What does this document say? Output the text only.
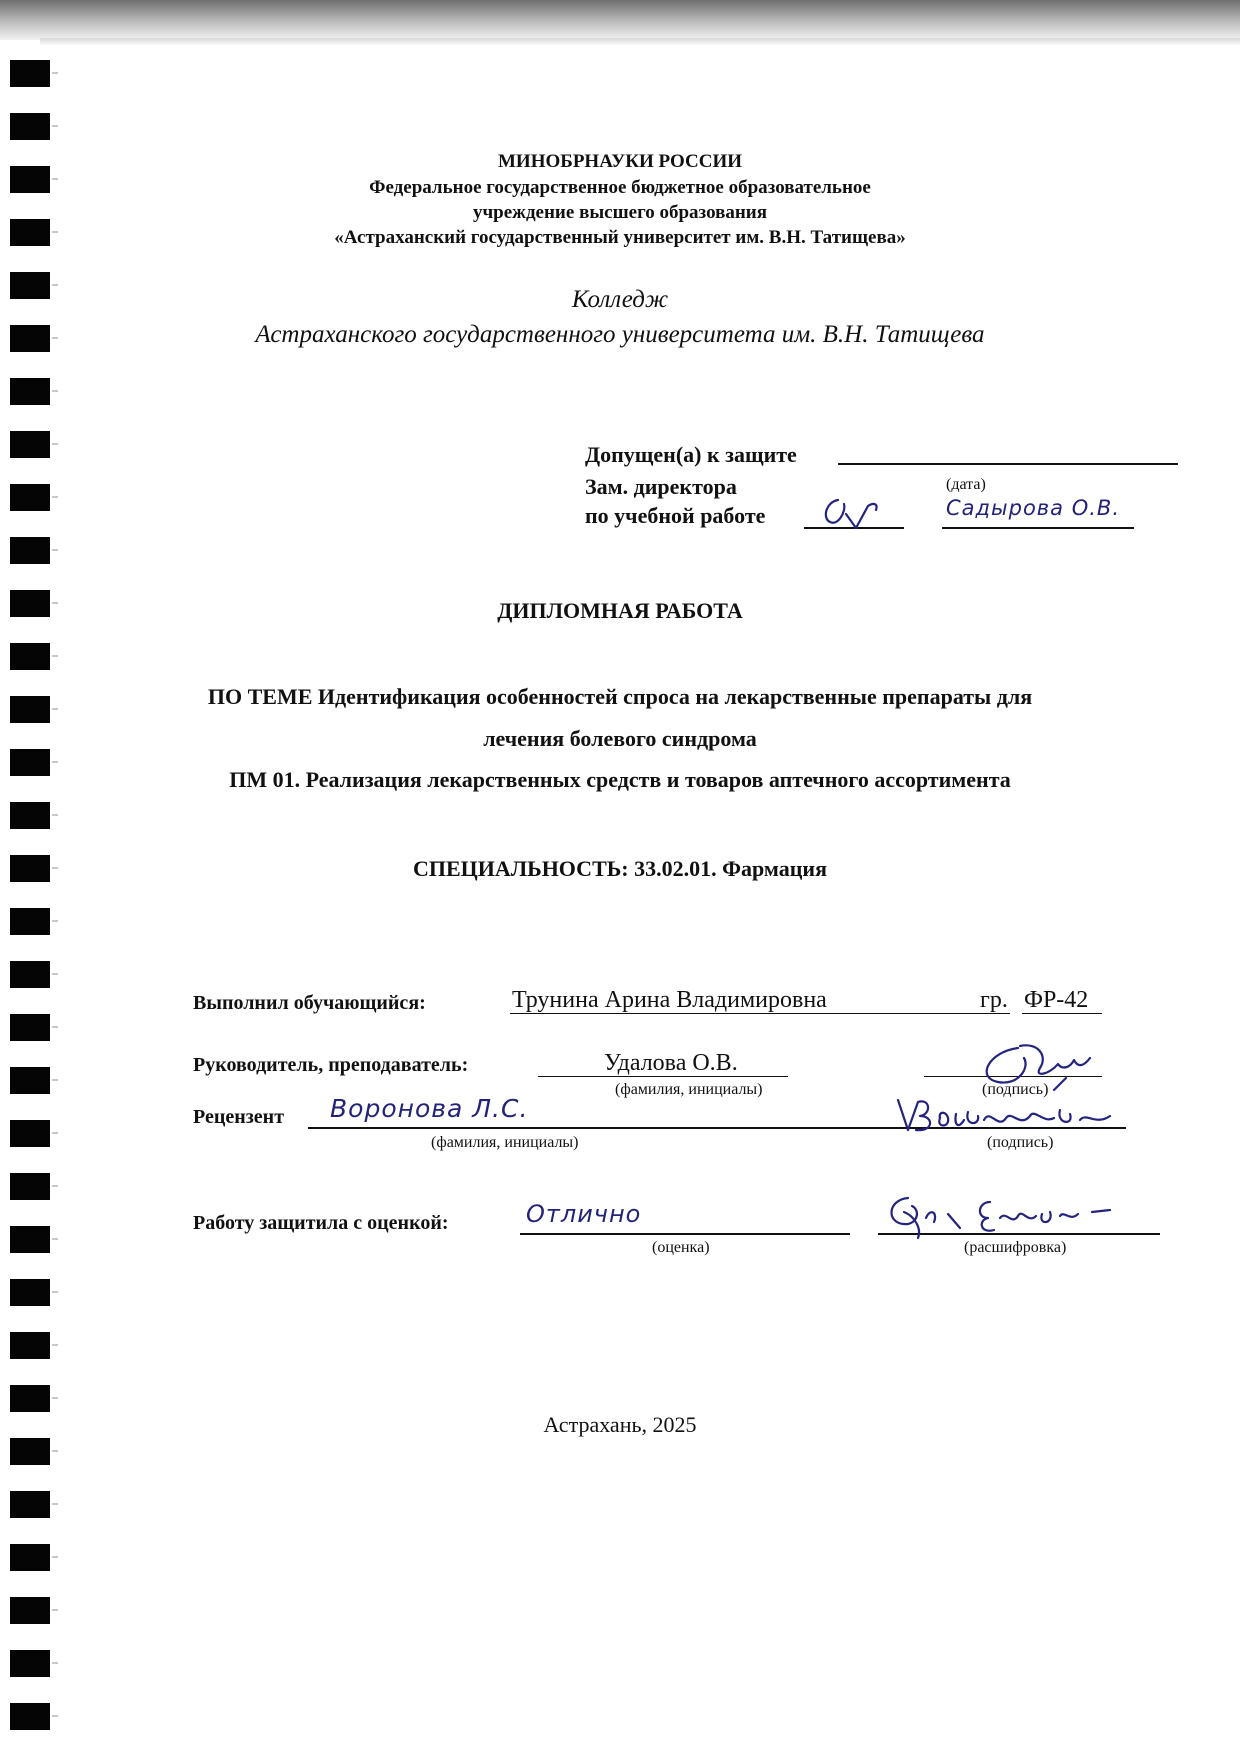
МИНОБРНАУКИ РОССИИ
Федеральное государственное бюджетное образовательное
учреждение высшего образования
«Астраханский государственный университет им. В.Н. Татищева»
Колледж
Астраханского государственного университета им. В.Н. Татищева
Допущен(а) к защите
Зам. директора	(дата)
по учебной работе	Садырова О.В.
ДИПЛОМНАЯ РАБОТА
ПО ТЕМЕ Идентификация особенностей спроса на лекарственные препараты для
лечения болевого синдрома
ПМ 01. Реализация лекарственных средств и товаров аптечного ассортимента
СПЕЦИАЛЬНОСТЬ: 33.02.01. Фармация
Выполнил обучающийся:	Трунина Арина Владимировна	гр. ФР-42
Руководитель, преподаватель:	Удалова О.В.
(фамилия, инициалы)	(подпись)
Рецензент Воронова Л.С.
(фамилия, инициалы)	(подпись)
Работу защитила с оценкой:	Отлично
(оценка)	(расшифровка)
Астрахань, 2025
